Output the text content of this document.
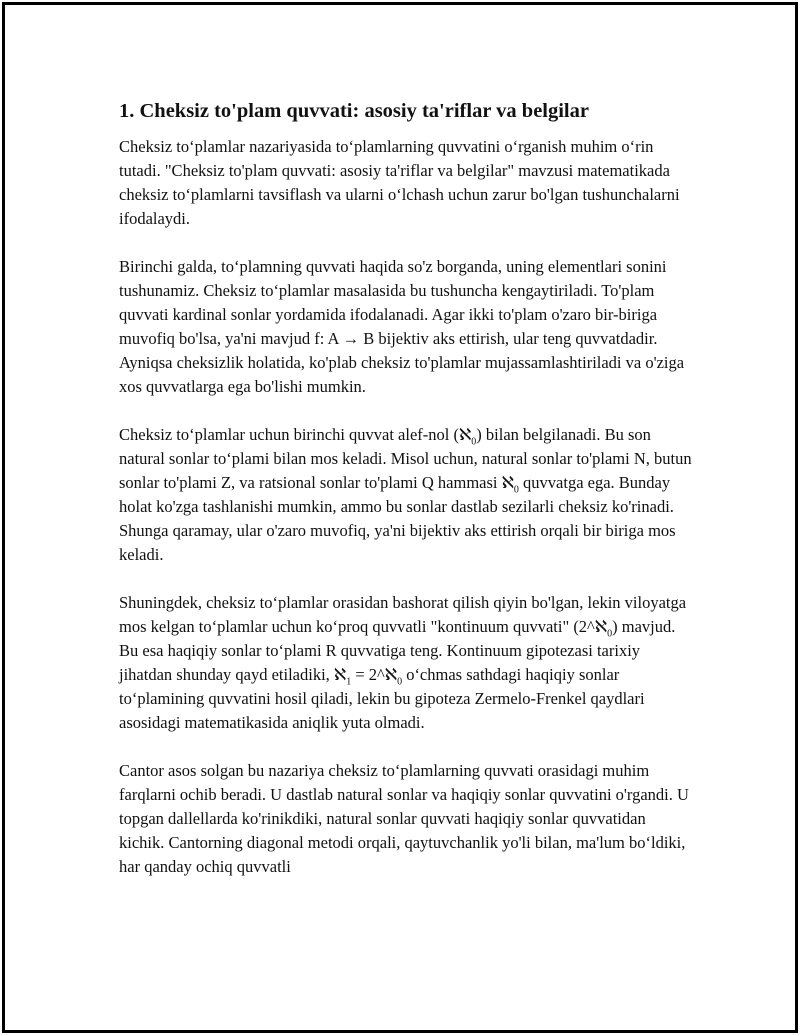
1. Cheksiz to'plam quvvati: asosiy ta'riflar va belgilar

Cheksiz to‘plamlar nazariyasida to‘plamlarning quvvatini o‘rganish muhim o‘rin tutadi. "Cheksiz to'plam quvvati: asosiy ta'riflar va belgilar" mavzusi matematikada cheksiz to‘plamlarni tavsiflash va ularni o‘lchash uchun zarur bo'lgan tushunchalarni ifodalaydi.

Birinchi galda, to‘plamning quvvati haqida so'z borganda, uning elementlari sonini tushunamiz. Cheksiz to‘plamlar masalasida bu tushuncha kengaytiriladi. To'plam quvvati kardinal sonlar yordamida ifodalanadi. Agar ikki to'plam o'zaro bir-biriga muvofiq bo'lsa, ya'ni mavjud f: A → B bijektiv aks ettirish, ular teng quvvatdadir. Ayniqsa cheksizlik holatida, ko'plab cheksiz to'plamlar mujassamlashtiriladi va o'ziga xos quvvatlarga ega bo'lishi mumkin.

Cheksiz to‘plamlar uchun birinchi quvvat alef-nol (ℵ$_0$) bilan belgilanadi. Bu son natural sonlar to‘plami bilan mos keladi. Misol uchun, natural sonlar to'plami N, butun sonlar to'plami Z, va ratsional sonlar to'plami Q hammasi ℵ$_0$ quvvatga ega. Bunday holat ko'zga tashlanishi mumkin, ammo bu sonlar dastlab sezilarli cheksiz ko'rinadi. Shunga qaramay, ular o'zaro muvofiq, ya'ni bijektiv aks ettirish orqali bir biriga mos keladi.

Shuningdek, cheksiz to‘plamlar orasidan bashorat qilish qiyin bo'lgan, lekin viloyatga mos kelgan to‘plamlar uchun ko‘proq quvvatli "kontinuum quvvati" (2^ℵ$_0$) mavjud. Bu esa haqiqiy sonlar to‘plami R quvvatiga teng. Kontinuum gipotezasi tarixiy jihatdan shunday qayd etiladiki, ℵ$_1$ = 2^ℵ$_0$ o‘chmas sathdagi haqiqiy sonlar to‘plamining quvvatini hosil qiladi, lekin bu gipoteza Zermelo-Frenkel qaydlari asosidagi matematikasida aniqlik yuta olmadi.

Cantor asos solgan bu nazariya cheksiz to‘plamlarning quvvati orasidagi muhim farqlarni ochib beradi. U dastlab natural sonlar va haqiqiy sonlar quvvatini o'rgandi. U topgan dallellarda ko'rinikdiki, natural sonlar quvvati haqiqiy sonlar quvvatidan kichik. Cantorning diagonal metodi orqali, qaytuvchanlik yo'li bilan, ma'lum bo‘ldiki, har qanday ochiq quvvatli
